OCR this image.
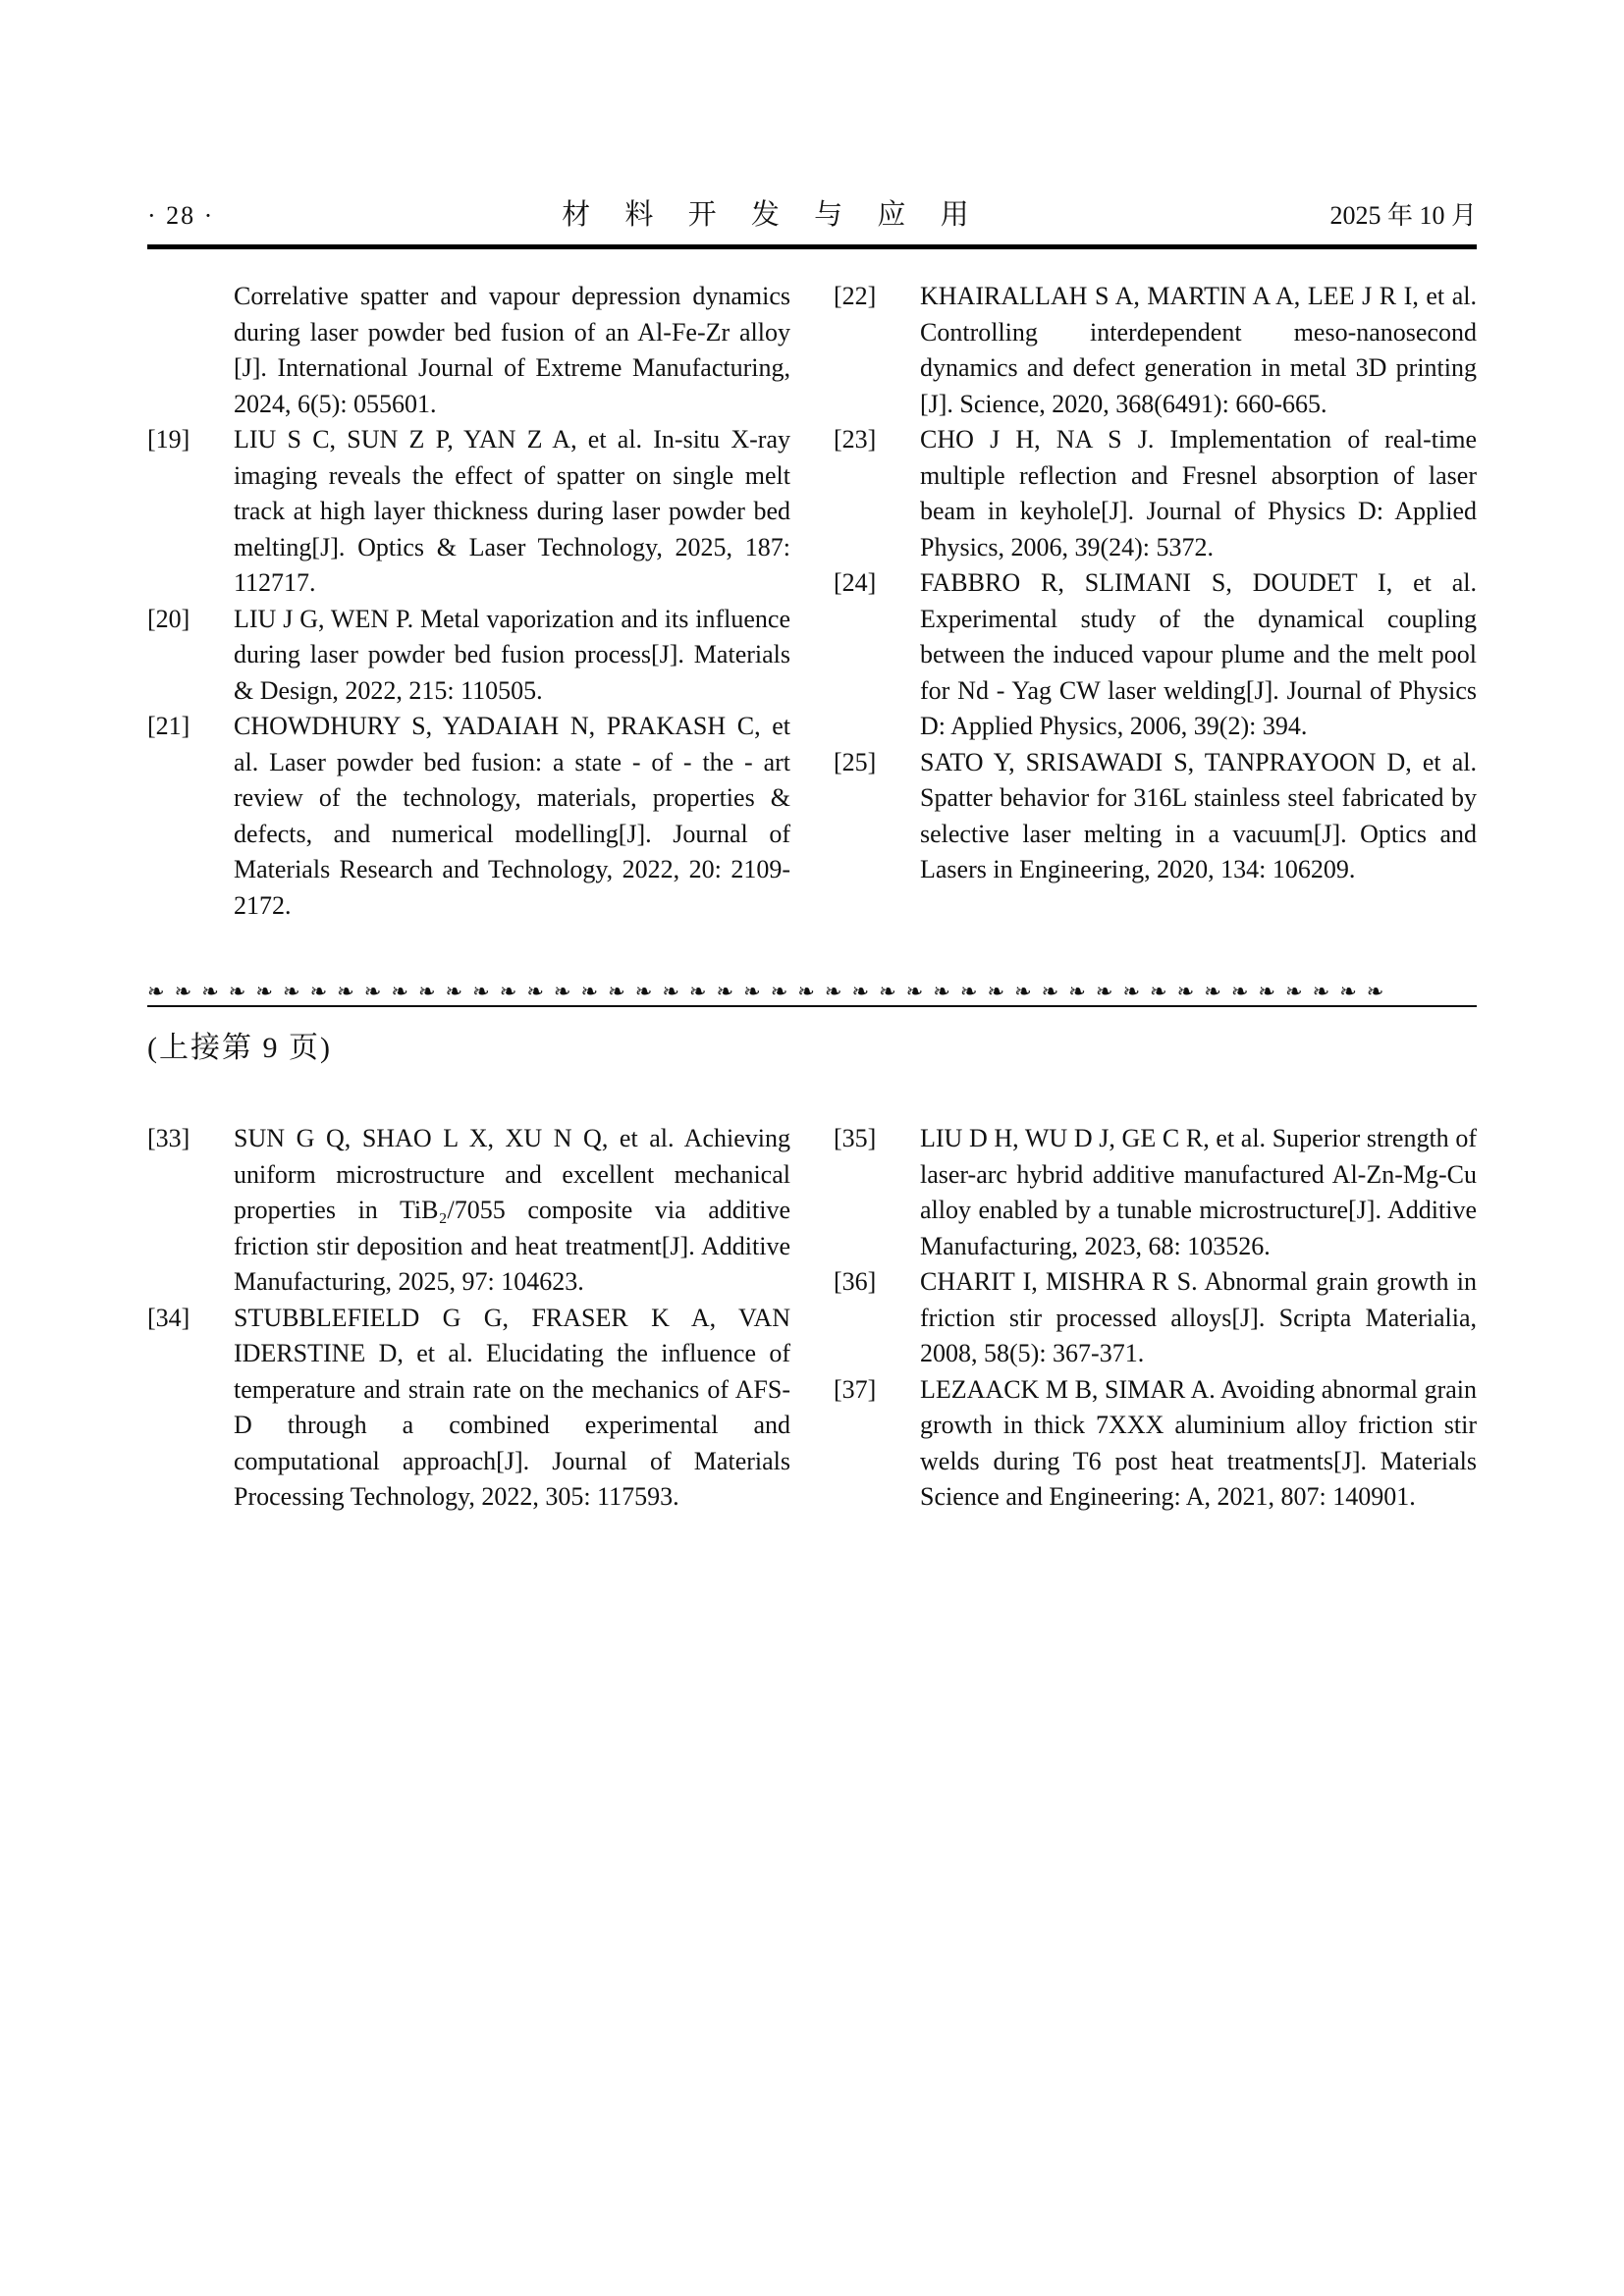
· 28 ·	材 料 开 发 与 应 用	2025 年 10 月

Correlative spatter and vapour depression dynamics during laser powder bed fusion of an Al-Fe-Zr alloy [J]. International Journal of Extreme Manufacturing, 2024, 6(5): 055601.

[19]	LIU S C, SUN Z P, YAN Z A, et al. In-situ X-ray imaging reveals the effect of spatter on single melt track at high layer thickness during laser powder bed melting[J]. Optics & Laser Technology, 2025, 187: 112717.

[20]	LIU J G, WEN P. Metal vaporization and its influence during laser powder bed fusion process[J]. Materials & Design, 2022, 215: 110505.

[21]	CHOWDHURY S, YADAIAH N, PRAKASH C, et al. Laser powder bed fusion: a state - of - the - art review of the technology, materials, properties & defects, and numerical modelling[J]. Journal of Materials Research and Technology, 2022, 20: 2109-2172.

[22]	KHAIRALLAH S A, MARTIN A A, LEE J R I, et al. Controlling interdependent meso-nanosecond dynamics and defect generation in metal 3D printing [J]. Science, 2020, 368(6491): 660-665.

[23]	CHO J H, NA S J. Implementation of real-time multiple reflection and Fresnel absorption of laser beam in keyhole[J]. Journal of Physics D: Applied Physics, 2006, 39(24): 5372.

[24]	FABBRO R, SLIMANI S, DOUDET I, et al. Experimental study of the dynamical coupling between the induced vapour plume and the melt pool for Nd - Yag CW laser welding[J]. Journal of Physics D: Applied Physics, 2006, 39(2): 394.

[25]	SATO Y, SRISAWADI S, TANPRAYOON D, et al. Spatter behavior for 316L stainless steel fabricated by selective laser melting in a vacuum[J]. Optics and Lasers in Engineering, 2020, 134: 106209.

❧❧❧❧❧❧❧❧❧❧❧❧❧❧❧❧❧❧❧❧❧❧❧❧❧❧❧❧❧❧❧❧❧❧❧❧❧❧❧❧❧❧❧❧❧❧
(上接第 9 页)
[33]	SUN G Q, SHAO L X, XU N Q, et al. Achieving uniform microstructure and excellent mechanical properties in TiB₂/7055 composite via additive friction stir deposition and heat treatment[J]. Additive Manufacturing, 2025, 97: 104623.

[34]	STUBBLEFIELD G G, FRASER K A, VAN IDERSTINE D, et al. Elucidating the influence of temperature and strain rate on the mechanics of AFS-D through a combined experimental and computational approach[J]. Journal of Materials Processing Technology, 2022, 305: 117593.

[35]	LIU D H, WU D J, GE C R, et al. Superior strength of laser-arc hybrid additive manufactured Al-Zn-Mg-Cu alloy enabled by a tunable microstructure[J]. Additive Manufacturing, 2023, 68: 103526.

[36]	CHARIT I, MISHRA R S. Abnormal grain growth in friction stir processed alloys[J]. Scripta Materialia, 2008, 58(5): 367-371.

[37]	LEZAACK M B, SIMAR A. Avoiding abnormal grain growth in thick 7XXX aluminium alloy friction stir welds during T6 post heat treatments[J]. Materials Science and Engineering: A, 2021, 807: 140901.
